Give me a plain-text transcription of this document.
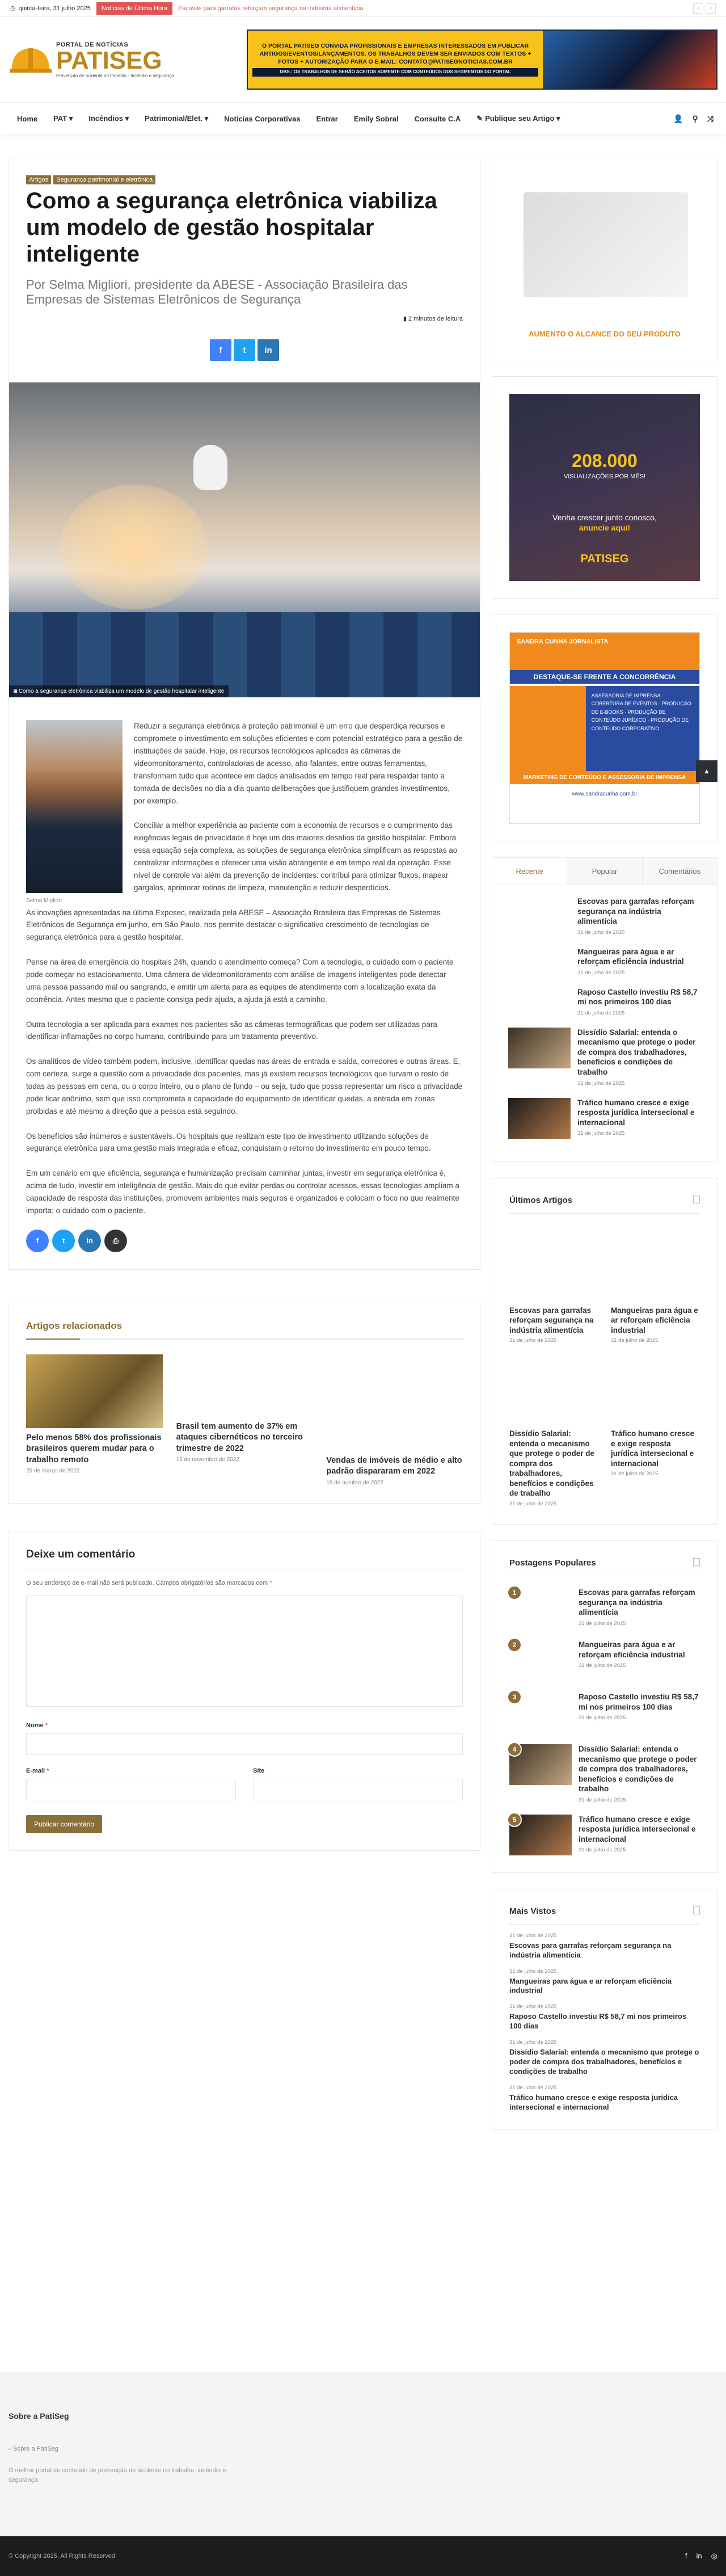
◷ quinta-feira, 31 julho 2025	Notícias de Última Hora	Escovas para garrafas reforçam segurança na indústria alimentícia	‹	›
PORTAL DE NOTÍCIAS
PATISEG
Prevenção de acidente no trabalho · Incêndio e segurança
O PORTAL PATISEG CONVIDA PROFISSIONAIS E EMPRESAS INTERESSADOS EM PUBLICAR ARTIGOS/EVENTOS/LANÇAMENTOS. OS TRABALHOS DEVEM SER ENVIADOS COM TEXTOS + FOTOS + AUTORIZAÇÃO PARA O E-MAIL: CONTATO@PATISEGNOTICIAS.COM.BR
OBS.: OS TRABALHOS DE SERÃO ACEITOS SOMENTE COM CONTEÚDOS DOS SEGMENTOS DO PORTAL
Home	PAT ▾	Incêndios ▾	Patrimonial/Elet. ▾	Notícias Corporativas	Entrar	Emily Sobral	Consulte C.A	✎ Publique seu Artigo ▾	👤 ⚲ ⤨
Artigos	Segurança patrimonial e eletrônica
Como a segurança eletrônica viabiliza um modelo de gestão hospitalar inteligente
Por Selma Migliori, presidente da ABESE - Associação Brasileira das Empresas de Sistemas Eletrônicos de Segurança
▮ 2 minutos de leitura
f	t	in
◙ Como a segurança eletrônica viabiliza um modelo de gestão hospitalar inteligente
Selma Migliori

Reduzir a segurança eletrônica à proteção patrimonial é um erro que desperdiça recursos e compromete o investimento em soluções eficientes e com potencial estratégico para a gestão de instituições de saúde. Hoje, os recursos tecnológicos aplicados às câmeras de videomonitoramento, controladoras de acesso, alto-falantes, entre outras ferramentas, transformam tudo que acontece em dados analisados em tempo real para respaldar tanto a tomada de decisões no dia a dia quanto deliberações que justifiquem grandes investimentos, por exemplo.

Conciliar a melhor experiência ao paciente com a economia de recursos e o cumprimento das exigências legais de privacidade é hoje um dos maiores desafios da gestão hospitalar. Embora essa equação seja complexa, as soluções de segurança eletrônica simplificam as respostas ao centralizar informações e oferecer uma visão abrangente e em tempo real da operação. Esse nível de controle vai além da prevenção de incidentes: contribui para otimizar fluxos, mapear gargalos, aprimorar rotinas de limpeza, manutenção e reduzir desperdícios.

As inovações apresentadas na última Exposec, realizada pela ABESE – Associação Brasileira das Empresas de Sistemas Eletrônicos de Segurança em junho, em São Paulo, nos permite destacar o significativo crescimento de tecnologias de segurança eletrônica para a gestão hospitalar.

Pense na área de emergência do hospitais 24h, quando o atendimento começa? Com a tecnologia, o cuidado com o paciente pode começar no estacionamento. Uma câmera de videomonitoramento com análise de imagens inteligentes pode detectar uma pessoa passando mal ou sangrando, e emitir um alerta para as equipes de atendimento com a localização exata da ocorrência. Antes mesmo que o paciente consiga pedir ajuda, a ajuda já está a caminho.

Outra tecnologia a ser aplicada para exames nos pacientes são as câmeras termográficas que podem ser utilizadas para identificar inflamações no corpo humano, contribuindo para um tratamento preventivo.

Os analíticos de vídeo também podem, inclusive, identificar quedas nas áreas de entrada e saída, corredores e outras áreas. E, com certeza, surge a questão com a privacidade dos pacientes, mas já existem recursos tecnológicos que turvam o rosto de todas as pessoas em cena, ou o corpo inteiro, ou o plano de fundo – ou seja, tudo que possa representar um risco a privacidade pode ficar anônimo, sem que isso comprometa a capacidade do equipamento de identificar quedas, a entrada em zonas proibidas e até mesmo a direção que a pessoa está seguindo.

Os benefícios são inúmeros e sustentáveis. Os hospitais que realizam este tipo de investimento utilizando soluções de segurança eletrônica para uma gestão mais integrada e eficaz, conquistam o retorno do investimento em pouco tempo.

Em um cenário em que eficiência, segurança e humanização precisam caminhar juntas, investir em segurança eletrônica é, acima de tudo, investir em inteligência de gestão. Mais do que evitar perdas ou controlar acessos, essas tecnologias ampliam a capacidade de resposta das instituições, promovem ambientes mais seguros e organizados e colocam o foco no que realmente importa: o cuidado com o paciente.

f	t	in	⎙
Artigos relacionados
Pelo menos 58% dos profissionais brasileiros querem mudar para o trabalho remoto
25 de março de 2022
Brasil tem aumento de 37% em ataques cibernéticos no terceiro trimestre de 2022
16 de novembro de 2022	Vendas de imóveis de médio e alto padrão dispararam em 2022
19 de outubro de 2022
Deixe um comentário
O seu endereço de e-mail não será publicado. Campos obrigatórios são marcados com *
Nome *
E-mail *	Site
Publicar comentário
AUMENTO O ALCANCE DO SEU PRODUTO
208.000
VISUALIZAÇÕES POR MÊS!
Venha crescer junto conosco,
anuncie aqui!
PATISEG
SANDRA CUNHA JORNALISTA
DESTAQUE-SE FRENTE A CONCORRÊNCIA
ASSESSORIA DE IMPRENSA · COBERTURA DE EVENTOS · PRODUÇÃO DE E-BOOKS · PRODUÇÃO DE CONTEÚDO JURÍDICO · PRODUÇÃO DE CONTEÚDO CORPORATIVO
MARKETING DE CONTEÚDO E ASSESSORIA DE IMPRENSA
www.sandracunha.com.br
Recente	Popular	Comentários
Escovas para garrafas reforçam segurança na indústria alimentícia
31 de julho de 2025
Mangueiras para água e ar reforçam eficiência industrial
31 de julho de 2025
Raposo Castello investiu R$ 58,7 mi nos primeiros 100 dias
31 de julho de 2025
Dissídio Salarial: entenda o mecanismo que protege o poder de compra dos trabalhadores, benefícios e condições de trabalho
31 de julho de 2025
Tráfico humano cresce e exige resposta jurídica intersecional e internacional
31 de julho de 2025
Últimos Artigos
Escovas para garrafas reforçam segurança na indústria alimentícia
31 de julho de 2025
Mangueiras para água e ar reforçam eficiência industrial
31 de julho de 2025
Dissídio Salarial: entenda o mecanismo que protege o poder de compra dos trabalhadores, benefícios e condições de trabalho
31 de julho de 2025
Tráfico humano cresce e exige resposta jurídica intersecional e internacional
31 de julho de 2025
Postagens Populares
1	Escovas para garrafas reforçam segurança na indústria alimentícia
31 de julho de 2025
2	Mangueiras para água e ar reforçam eficiência industrial
31 de julho de 2025
3	Raposo Castello investiu R$ 58,7 mi nos primeiros 100 dias
31 de julho de 2025
4	Dissídio Salarial: entenda o mecanismo que protege o poder de compra dos trabalhadores, benefícios e condições de trabalho
31 de julho de 2025
5	Tráfico humano cresce e exige resposta jurídica intersecional e internacional
31 de julho de 2025
Mais Vistos
31 de julho de 2025
Escovas para garrafas reforçam segurança na indústria alimentícia
31 de julho de 2025
Mangueiras para água e ar reforçam eficiência industrial
31 de julho de 2025
Raposo Castello investiu R$ 58,7 mi nos primeiros 100 dias
31 de julho de 2025
Dissídio Salarial: entenda o mecanismo que protege o poder de compra dos trabalhadores, benefícios e condições de trabalho
31 de julho de 2025
Tráfico humano cresce e exige resposta jurídica intersecional e internacional
▲
Sobre a PatiSeg
▫ Sobre a PatiSeg
O melhor portal de conteúdo de prevenção de acidente no trabalho, incêndio e segurança
© Copyright 2025, All Rights Reserved	f in ◎
